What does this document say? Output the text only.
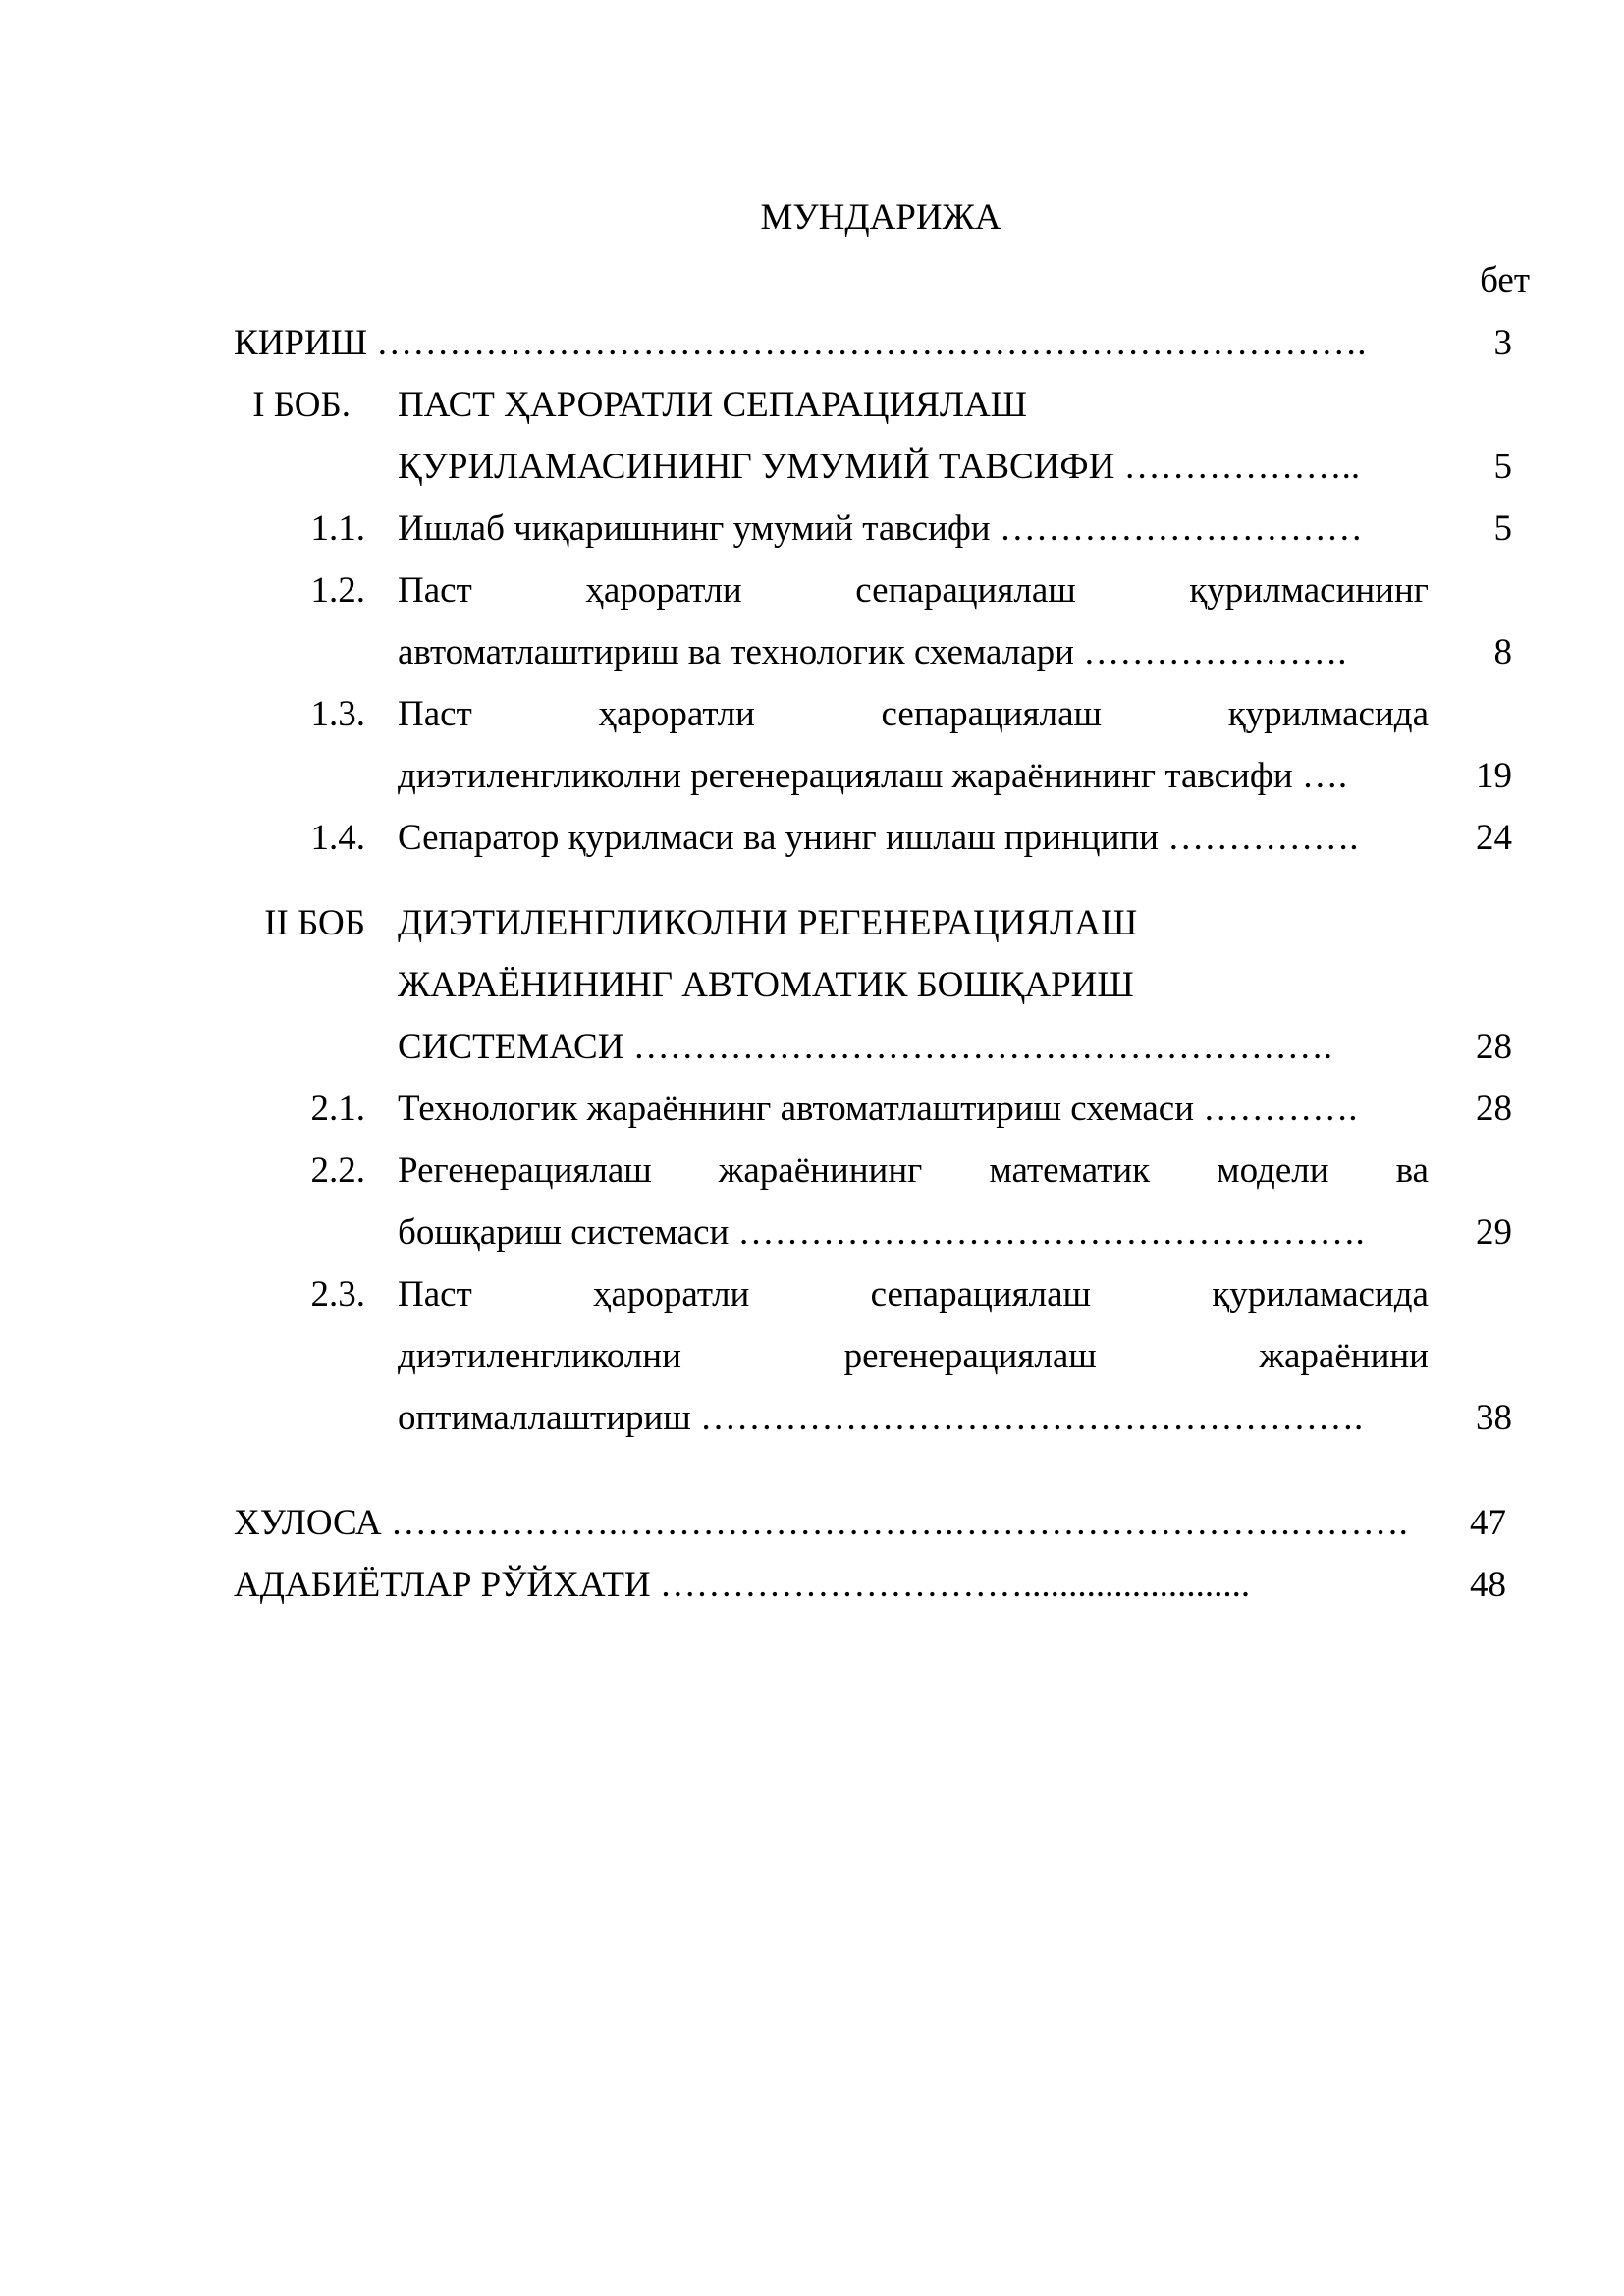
МУНДАРИЖА
бет
КИРИШ ……………………………………………………………………….	3
I БОБ. ПАСТ ҲАРОРАТЛИ СЕПАРАЦИЯЛАШ
ҚУРИЛАМАСИНИНГ УМУМИЙ ТАВСИФИ ………………..	5
1.1. Ишлаб чиқаришнинг умумий тавсифи …………………………	5
1.2. Паст	ҳароратли	сепарациялаш	қурилмасининг
автоматлаштириш ва технологик схемалари ………………….	8
1.3. Паст	ҳароратли	сепарациялаш	қурилмасида
диэтиленгликолни регенерациялаш жараёнининг тавсифи ….	19
1.4. Сепаратор қурилмаси ва унинг ишлаш принципи …………….	24
II БОБ ДИЭТИЛЕНГЛИКОЛНИ РЕГЕНЕРАЦИЯЛАШ
ЖАРАЁНИНИНГ АВТОМАТИК БОШҚАРИШ
СИСТЕМАСИ ………………………………………………….	28
2.1. Технологик жараённинг автоматлаштириш схемаси ………….	28
2.2. Регенерациялаш жараёнининг математик модели ва
бошқариш системаси …………………………………………….	29
2.3. Паст	ҳароратли	сепарациялаш	қуриламасида
диэтиленгликолни	регенерациялаш	жараёнини
оптималлаштириш ……………………………………………….	38
ХУЛОСА ……………….……………………….……………………….………. 47
АДАБИЁТЛАР РЎЙХАТИ ………………………….........................	48
